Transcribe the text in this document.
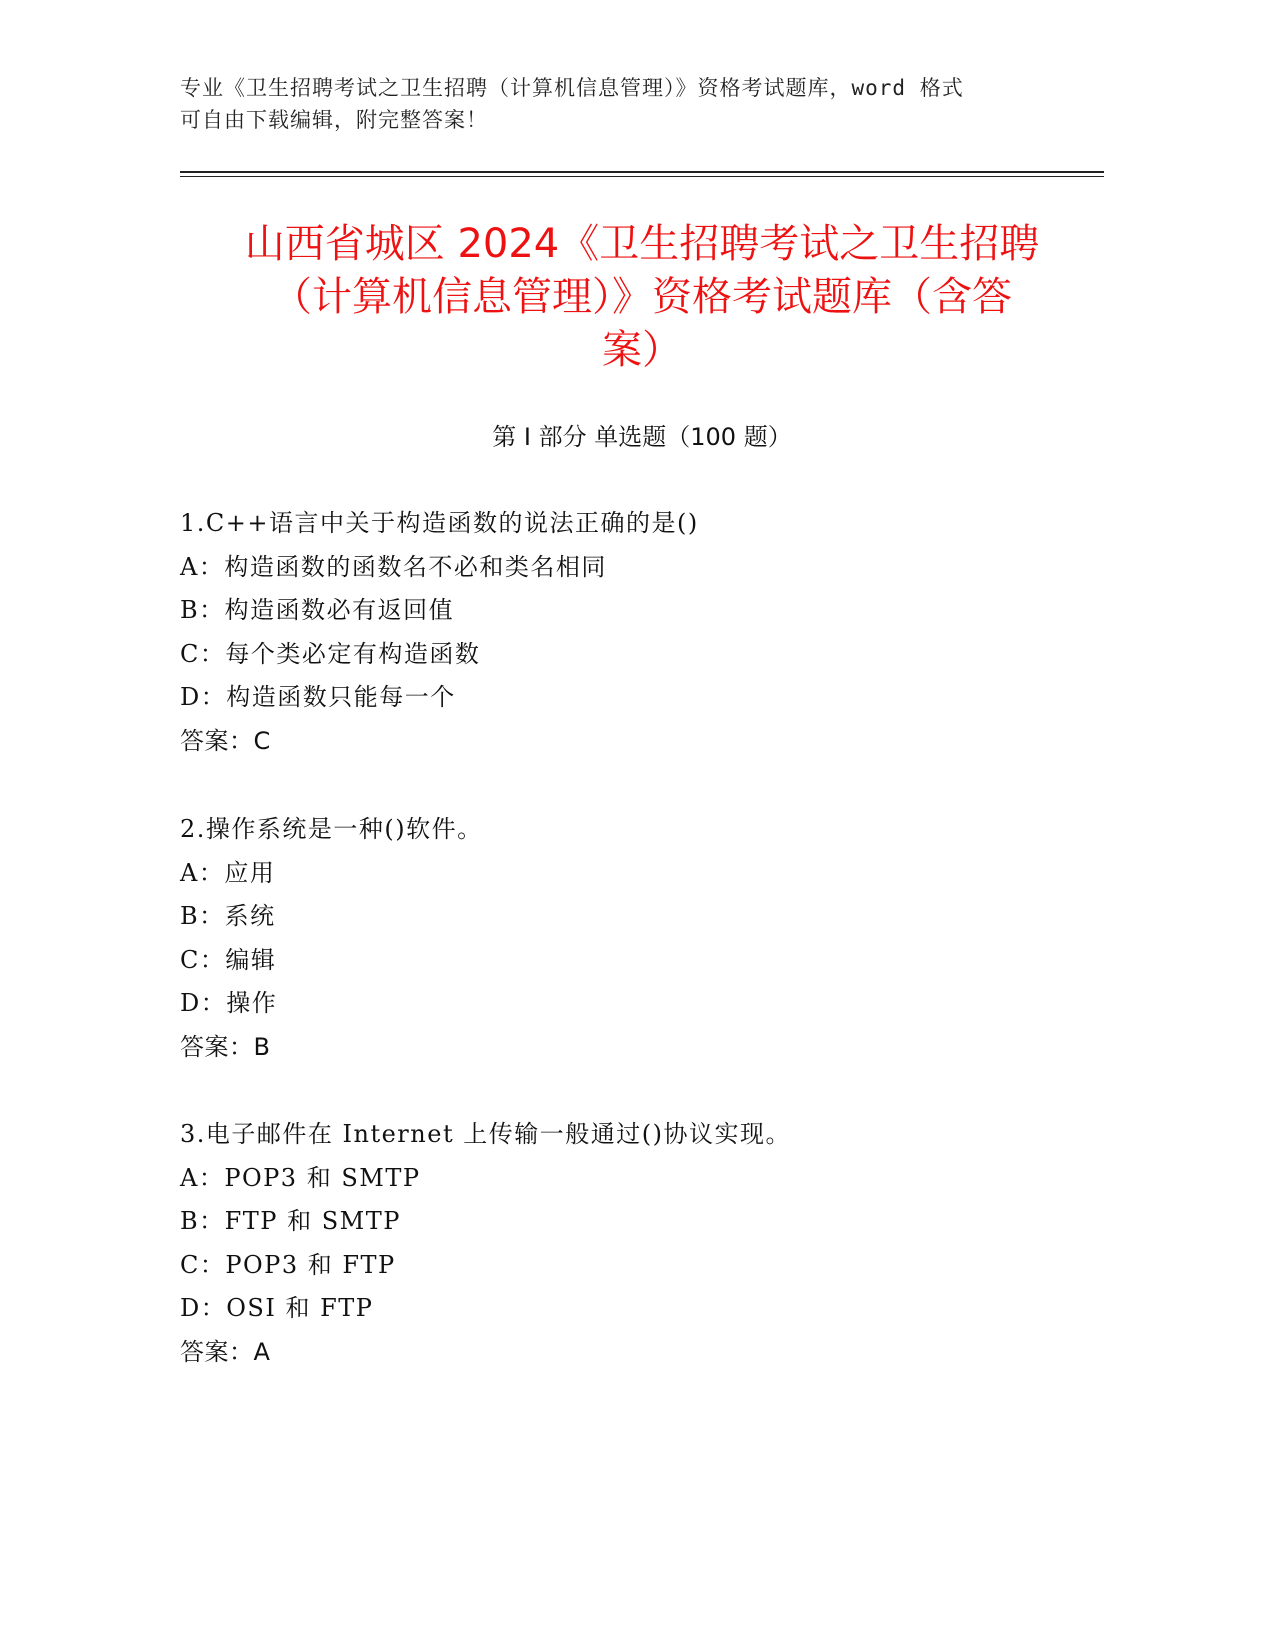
专业《卫生招聘考试之卫生招聘（计算机信息管理）》资格考试题库，word 格式
可自由下载编辑，附完整答案！
山西省城区 2024《卫生招聘考试之卫生招聘
（计算机信息管理）》资格考试题库（含答
案）
第 I 部分 单选题（100 题）
1.C++语言中关于构造函数的说法正确的是()
A：构造函数的函数名不必和类名相同
B：构造函数必有返回值
C：每个类必定有构造函数
D：构造函数只能每一个
答案：C
2.操作系统是一种()软件。
A：应用
B：系统
C：编辑
D：操作
答案：B
3.电子邮件在 Internet 上传输一般通过()协议实现。
A：POP3 和 SMTP
B：FTP 和 SMTP
C：POP3 和 FTP
D：OSI 和 FTP
答案：A
